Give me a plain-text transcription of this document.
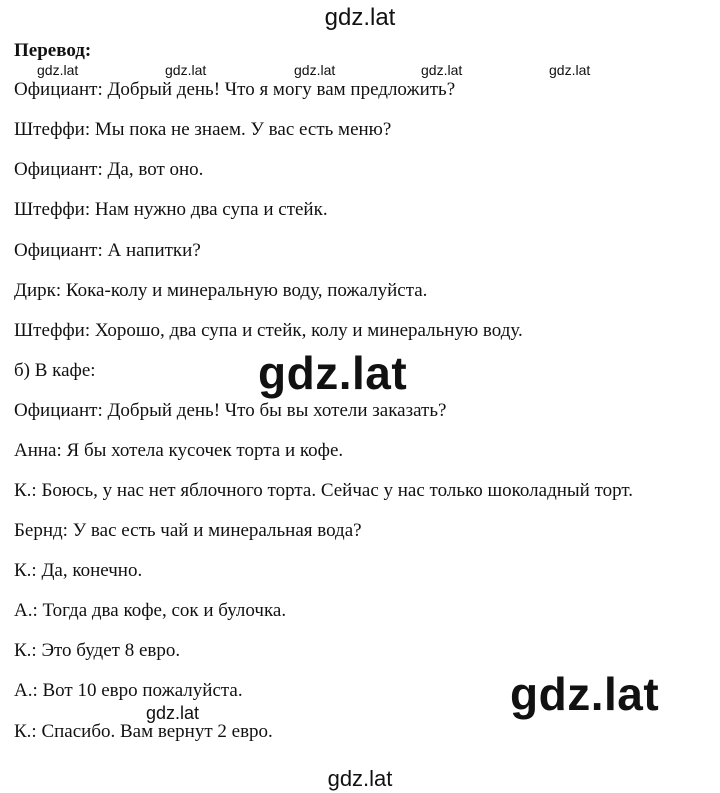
gdz.lat
Перевод:
gdz.lat	gdz.lat	gdz.lat	gdz.lat	gdz.lat
Официант: Добрый день! Что я могу вам предложить?
Штеффи: Мы пока не знаем. У вас есть меню?
Официант: Да, вот оно.
Штеффи: Нам нужно два супа и стейк.
Официант: А напитки?
Дирк: Кока-колу и минеральную воду, пожалуйста.
Штеффи: Хорошо, два супа и стейк, колу и минеральную воду.
б) В кафе:
Официант: Добрый день! Что бы вы хотели заказать?
Анна: Я бы хотела кусочек торта и кофе.
К.: Боюсь, у нас нет яблочного торта. Сейчас у нас только шоколадный торт.
Бернд: У вас есть чай и минеральная вода?
К.: Да, конечно.
А.: Тогда два кофе, сок и булочка.
К.: Это будет 8 евро.
А.: Вот 10 евро пожалуйста.
К.: Спасибо. Вам вернут 2 евро.
gdz.lat
gdz.lat
gdz.lat
gdz.lat
